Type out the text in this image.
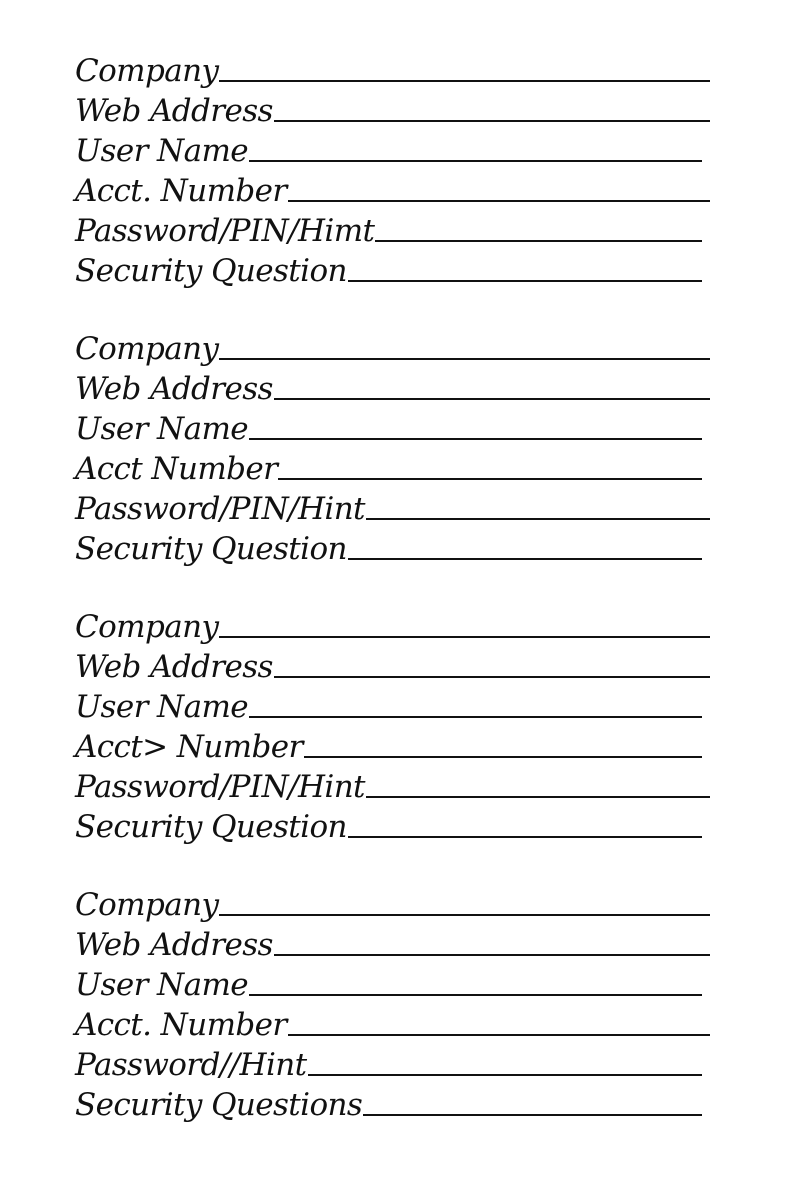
Company
Web Address
User Name
Acct. Number
Password/PIN/Himt
Security Question
Company
Web Address
User Name
Acct Number
Password/PIN/Hint
Security Question
Company
Web Address
User Name
Acct> Number
Password/PIN/Hint
Security Question
Company
Web Address
User Name
Acct. Number
Password//Hint
Security Questions
